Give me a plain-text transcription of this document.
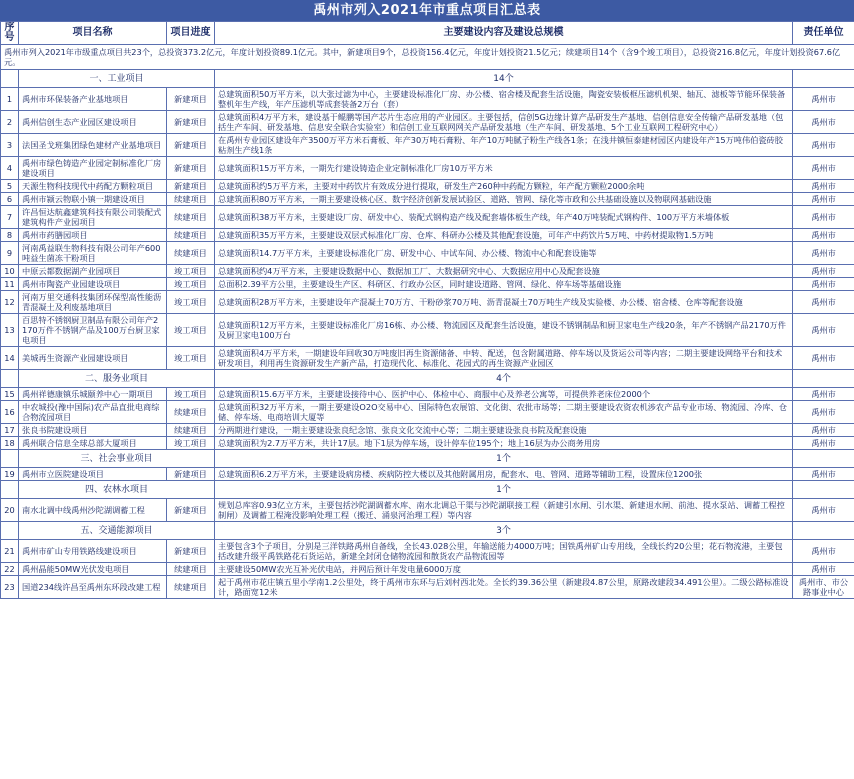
禹州市列入2021年市重点项目汇总表
序号	项目名称	项目进度	主要建设内容及建设总规模	责任单位
禹州市列入2021年市级重点项目共23个，总投资373.2亿元，年度计划投资89.1亿元。其中，新建项目9个，总投资156.4亿元，年度计划投资21.5亿元；续建项目14个（含9个竣工项目），总投资216.8亿元，年度计划投资67.6亿元。				
	一、工业项目		14个	
1	禹州市环保装备产业基地项目	新建项目	总建筑面积50万平方米，以大张过滤为中心，主要建设标准化厂房、办公楼、宿舍楼及配套生活设施，陶瓷安装板框压滤机机架、轴瓦、滤板等节能环保装备整机年生产线，年产压滤机等成套装备2万台（套）	禹州市
2	禹州信创生态产业园区建设项目	新建项目	总建筑面积4万平方米，建设基于鲲鹏等国产芯片生态应用的产业园区。主要包括，信创5G边缘计算产品研发生产基地、信创信息安全传输产品研发基地（包括生产车间、研发基地、信息安全联合实验室）和信创工业互联网网关产品研发基地（生产车间、研发基地、5个工业互联网工程研究中心）	禹州市
3	法国圣戈班集团绿色建材产业基地项目	新建项目	在禹州专业园区建设年产3500万平方米石膏板、年产30万吨石膏粉、年产10万吨腻子粉生产线各1条；在浅井镇恒泰建材园区内建设年产15万吨伟伯瓷砖胶粘剂生产线1条	禹州市
4	禹州市绿色铸造产业园定制标准化厂房建设项目	新建项目	总建筑面积15万平方米，一期先行建设铸造企业定制标准化厂房10万平方米	禹州市
5	天源生物科技现代中药配方颗粒项目	新建项目	总建筑面积约5万平方米，主要对中药饮片有效成分进行提取，研发生产260种中药配方颗粒，年产配方颗粒2000余吨	禹州市
6	禹州市颍云物联小镇一期建设项目	续建项目	总建筑面积80万平方米，一期主要建设核心区、数字经济创新发展试验区、道路、管网、绿化等市政和公共基础设施以及物联网基础设施	禹州市
7	许昌恒达航鑫建筑科技有限公司装配式建筑构件产业园项目	续建项目	总建筑面积38万平方米，主要建设厂房、研发中心、装配式钢构造产线及配套墙体板生产线，年产40万吨装配式钢构件、100万平方米墙体板	禹州市
8	禹州市药膳园项目	续建项目	总建筑面积35万平方米，主要建设双层式标准化厂房、仓库、科研办公楼及其他配套设施，可年产中药饮片5万吨、中药材提取物1.5万吨	禹州市
9	河南禹益联生物科技有限公司年产600吨益生菌冻干粉项目	续建项目	总建筑面积14.7万平方米，主要建设标准化厂房、研发中心、中试车间、办公楼、物流中心和配套设施等	禹州市
10	中原云都数据湖产业园项目	竣工项目	总建筑面积约4万平方米，主要建设数据中心、数据加工厂、大数据研究中心、大数据应用中心及配套设施	禹州市
11	禹州市陶瓷产业园建设项目	竣工项目	总面积2.39平方公里，主要建设生产区、科研区、行政办公区，同时建设道路、管网、绿化、停车场等基础设施	禹州市
12	河南万里交通科技集团环保型高性能沥青混凝土及利废基地项目	竣工项目	总建筑面积28万平方米，主要建设年产混凝土70万方、干粉砂浆70万吨、沥青混凝土70万吨生产线及实验楼、办公楼、宿舍楼、仓库等配套设施	禹州市
13	百思特不锈钢厨卫制品有限公司年产2170万件不锈钢产品及100万台厨卫家电项目	竣工项目	总建筑面积12万平方米，主要建设标准化厂房16栋、办公楼、物流园区及配套生活设施，建设不锈钢制品和厨卫家电生产线20条，年产不锈钢产品2170万件及厨卫家电100万台	禹州市
14	美城再生资源产业园建设项目	竣工项目	总建筑面积4万平方米，一期建设年回收30万吨废旧再生资源储备、中转、配送，包含附属道路、停车场以及货运公司等内容；二期主要建设网络平台和技术研发项目，利用再生资源研发生产新产品，打造现代化、标准化、花园式的再生资源产业园区	禹州市
	二、服务业项目		4个	
15	禹州祥德康镇乐城颐养中心一期项目	竣工项目	总建筑面积15.6万平方米，主要建设接待中心、医护中心、体检中心、商服中心及养老公寓等，可提供养老床位2000个	禹州市
16	中农城投(豫中国际)农产品直批电商综合物流园项目	续建项目	总建筑面积32万平方米，一期主要建设O2O交易中心、国际特色农展馆、文化街、农批市场等；二期主要建设农资农机涉农产品专业市场、物流园、冷库、仓储、停车场、电商培训大厦等	禹州市
17	张良书院建设项目	续建项目	分两期进行建设，一期主要建设张良纪念馆、张良文化交流中心等；二期主要建设张良书院及配套设施	禹州市
18	禹州联合信息全球总部大厦项目	竣工项目	总建筑面积为2.7万平方米，共计17层。地下1层为停车场，设计停车位195个；地上16层为办公商务用房	禹州市
	三、社会事业项目		1个	
19	禹州市立医院建设项目	新建项目	总建筑面积6.2万平方米，主要建设病房楼、疾病防控大楼以及其他附属用房，配套水、电、管网、道路等辅助工程，设置床位1200张	禹州市
	四、农林水项目		1个	
20	南水北调中线禹州沙陀湖调蓄工程	新建项目	规划总库容0.93亿立方米，主要包括沙陀湖调蓄水库、南水北调总干渠与沙陀湖联接工程（新建引水闸、引水渠、新建退水闸、前池、提水泵站、调蓄工程控制闸）及调蓄工程淹没影响处理工程（搬迁、涌泉河治理工程）等内容	禹州市
	五、交通能源项目		3个	
21	禹州市矿山专用铁路线建设项目	新建项目	主要包含3个子项目，分别是三洋铁路禹州自备线，全长43.028公里，年输送能力4000万吨；国铁禹州矿山专用线，全线长约20公里；花石物流港，主要包括改建升级平禹铁路花石货运站，新建全封闭仓储物流园和散货农产品物流园等	禹州市
22	禹州晶能50MW光伏发电项目	续建项目	主要建设50MW农光互补光伏电站，并网后预计年发电量6000万度	禹州市
23	国道234线许昌至禹州东环段改建工程	续建项目	起于禹州市花庄镇五里小学南1.2公里处，终于禹州市东环与后刘村西北处。全长约39.36公里（新建段4.87公里，原路改建段34.491公里）。二级公路标准设计，路面宽12米	禹州市、市公路事业中心
